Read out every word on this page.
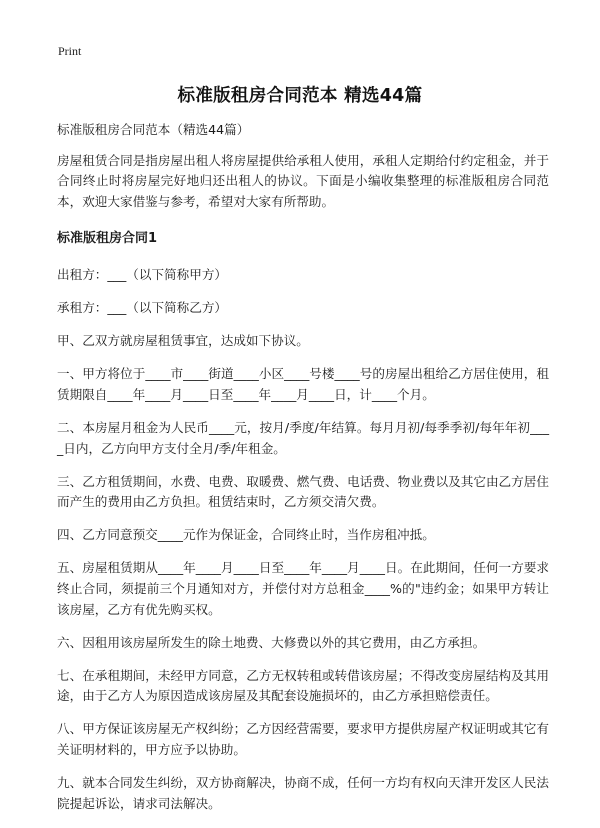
Print
标准版租房合同范本 精选44篇

标准版租房合同范本（精选44篇）

房屋租赁合同是指房屋出租人将房屋提供给承租人使用，承租人定期给付约定租金，并于合同终止时将房屋完好地归还出租人的协议。下面是小编收集整理的标准版租房合同范本，欢迎大家借鉴与参考，希望对大家有所帮助。

标准版租房合同1

出租方：___（以下简称甲方）

承租方：___（以下简称乙方）

甲、乙双方就房屋租赁事宜，达成如下协议。

一、甲方将位于____市____街道____小区____号楼____号的房屋出租给乙方居住使用，租赁期限自____年____月____日至____年____月____日，计____个月。

二、本房屋月租金为人民币____元，按月/季度/年结算。每月月初/每季季初/每年年初____日内，乙方向甲方支付全月/季/年租金。

三、乙方租赁期间，水费、电费、取暖费、燃气费、电话费、物业费以及其它由乙方居住而产生的费用由乙方负担。租赁结束时，乙方须交清欠费。

四、乙方同意预交____元作为保证金，合同终止时，当作房租冲抵。

五、房屋租赁期从____年____月____日至____年____月____日。在此期间，任何一方要求终止合同，须提前三个月通知对方，并偿付对方总租金____%的"违约金；如果甲方转让该房屋，乙方有优先购买权。

六、因租用该房屋所发生的除土地费、大修费以外的其它费用，由乙方承担。

七、在承租期间，未经甲方同意，乙方无权转租或转借该房屋；不得改变房屋结构及其用途，由于乙方人为原因造成该房屋及其配套设施损坏的，由乙方承担赔偿责任。

八、甲方保证该房屋无产权纠纷；乙方因经营需要，要求甲方提供房屋产权证明或其它有关证明材料的，甲方应予以协助。

九、就本合同发生纠纷，双方协商解决，协商不成，任何一方均有权向天津开发区人民法院提起诉讼，请求司法解决。
